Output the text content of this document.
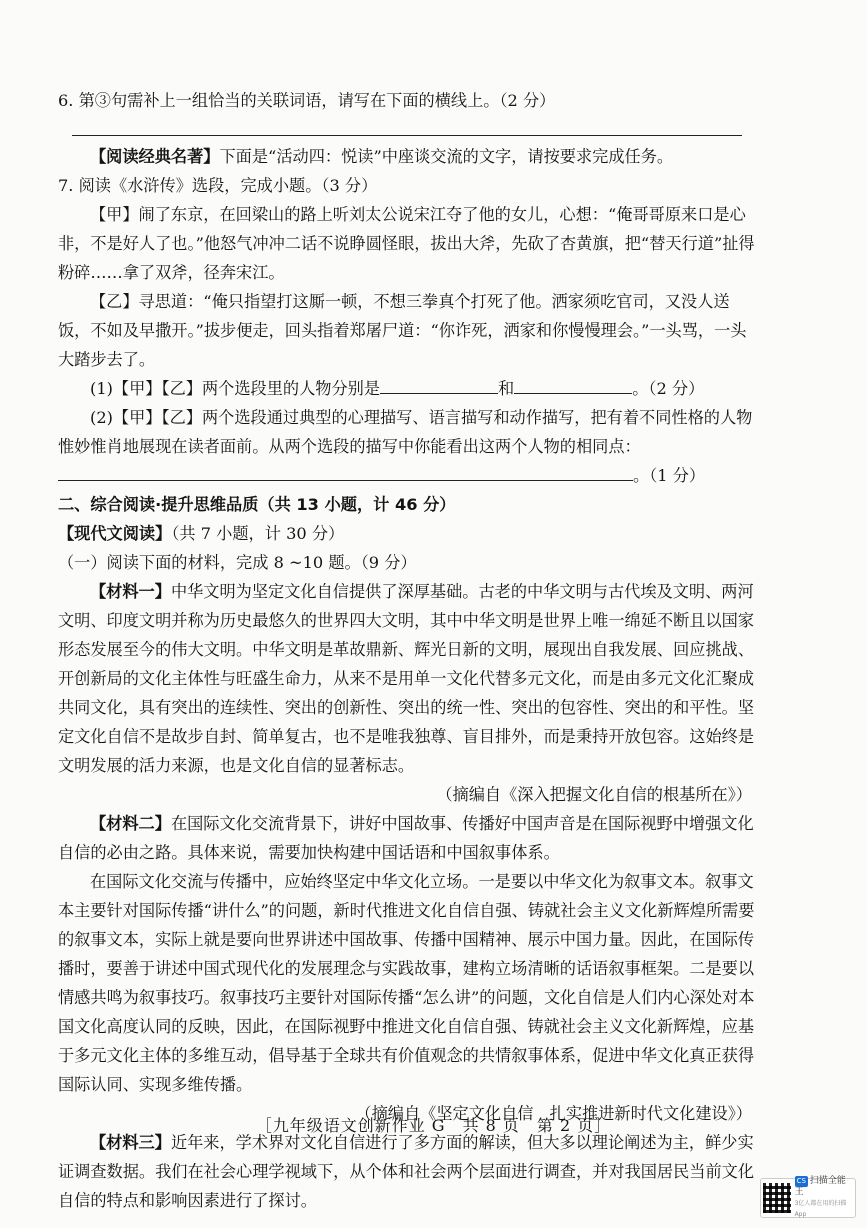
6. 第③句需补上一组恰当的关联词语，请写在下面的横线上。（2 分）

【阅读经典名著】下面是“活动四：悦读”中座谈交流的文字，请按要求完成任务。

7. 阅读《水浒传》选段，完成小题。（3 分）

【甲】闹了东京，在回梁山的路上听刘太公说宋江夺了他的女儿，心想：“俺哥哥原来口是心非，不是好人了也。”他怒气冲冲二话不说睁圆怪眼，拔出大斧，先砍了杏黄旗，把“替天行道”扯得粉碎……拿了双斧，径奔宋江。

【乙】寻思道：“俺只指望打这厮一顿，不想三拳真个打死了他。洒家须吃官司，又没人送饭，不如及早撒开。”拔步便走，回头指着郑屠尸道：“你诈死，洒家和你慢慢理会。”一头骂，一头大踏步去了。

(1)【甲】【乙】两个选段里的人物分别是	和	。（2 分）

(2)【甲】【乙】两个选段通过典型的心理描写、语言描写和动作描写，把有着不同性格的人物惟妙惟肖地展现在读者面前。从两个选段的描写中你能看出这两个人物的相同点：
。（1 分）

二、综合阅读·提升思维品质（共 13 小题，计 46 分）

【现代文阅读】（共 7 小题，计 30 分）

（一）阅读下面的材料，完成 8 ~10 题。（9 分）

【材料一】中华文明为坚定文化自信提供了深厚基础。古老的中华文明与古代埃及文明、两河文明、印度文明并称为历史最悠久的世界四大文明，其中中华文明是世界上唯一绵延不断且以国家形态发展至今的伟大文明。中华文明是革故鼎新、辉光日新的文明，展现出自我发展、回应挑战、开创新局的文化主体性与旺盛生命力，从来不是用单一文化代替多元文化，而是由多元文化汇聚成共同文化，具有突出的连续性、突出的创新性、突出的统一性、突出的包容性、突出的和平性。坚定文化自信不是故步自封、简单复古，也不是唯我独尊、盲目排外，而是秉持开放包容。这始终是文明发展的活力来源，也是文化自信的显著标志。

（摘编自《深入把握文化自信的根基所在》）

【材料二】在国际文化交流背景下，讲好中国故事、传播好中国声音是在国际视野中增强文化自信的必由之路。具体来说，需要加快构建中国话语和中国叙事体系。

在国际文化交流与传播中，应始终坚定中华文化立场。一是要以中华文化为叙事文本。叙事文本主要针对国际传播“讲什么”的问题，新时代推进文化自信自强、铸就社会主义文化新辉煌所需要的叙事文本，实际上就是要向世界讲述中国故事、传播中国精神、展示中国力量。因此，在国际传播时，要善于讲述中国式现代化的发展理念与实践故事，建构立场清晰的话语叙事框架。二是要以情感共鸣为叙事技巧。叙事技巧主要针对国际传播“怎么讲”的问题，文化自信是人们内心深处对本国文化高度认同的反映，因此，在国际视野中推进文化自信自强、铸就社会主义文化新辉煌，应基于多元文化主体的多维互动，倡导基于全球共有价值观念的共情叙事体系，促进中华文化真正获得国际认同、实现多维传播。

（摘编自《坚定文化自信　扎实推进新时代文化建设》）

【材料三】近年来，学术界对文化自信进行了多方面的解读，但大多以理论阐述为主，鲜少实证调查数据。我们在社会心理学视域下，从个体和社会两个层面进行调查，并对我国居民当前文化自信的特点和影响因素进行了探讨。

［九年级语文创新作业 G　共 8 页　第 2 页］
CS 扫描全能王
3亿人都在用的扫描App
